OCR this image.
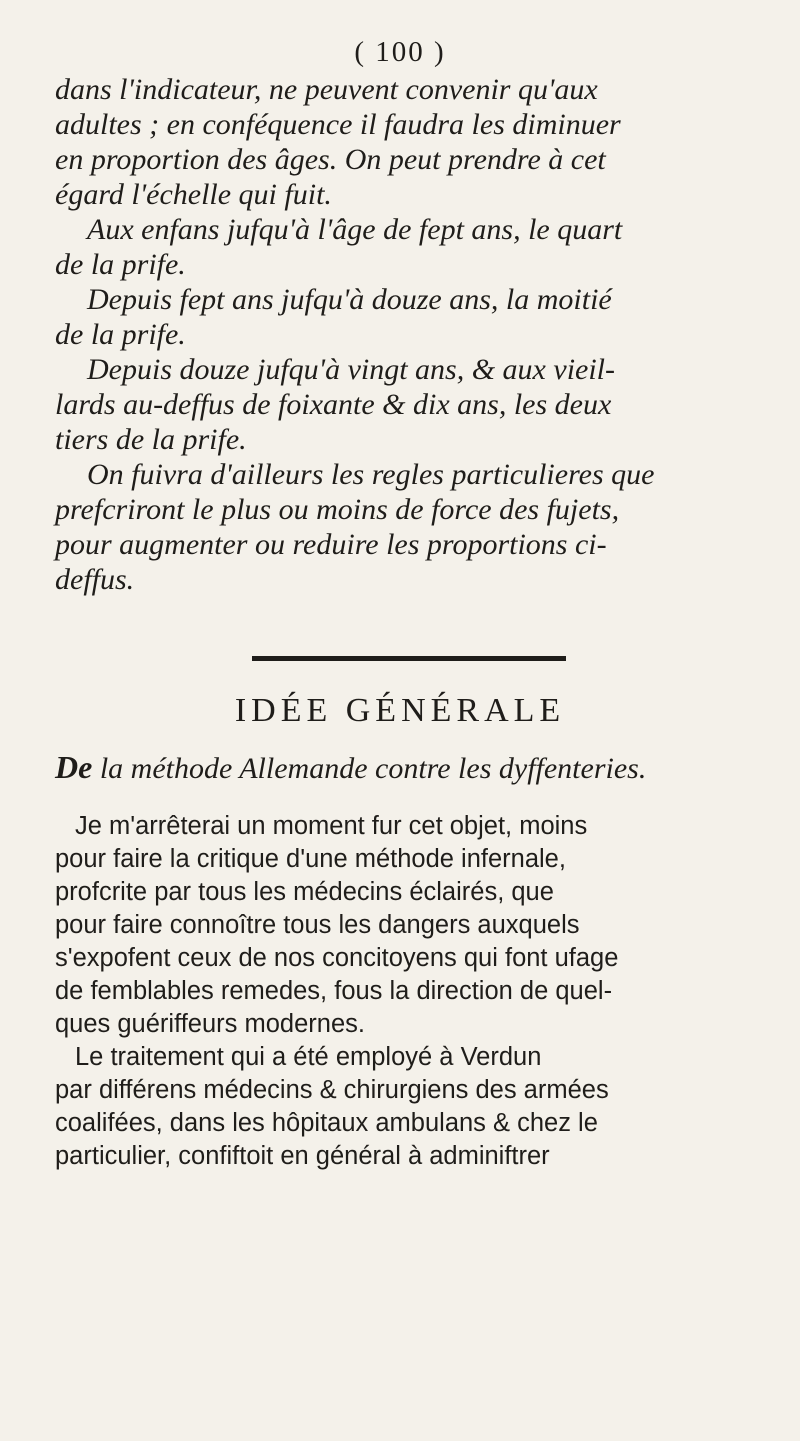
( 100 )

dans l'indicateur, ne peuvent convenir qu'aux
adultes ; en conféquence il faudra les diminuer
en proportion des âges. On peut prendre à cet
égard l'échelle qui fuit.

Aux enfans jufqu'à l'âge de fept ans, le quart
de la prife.

Depuis fept ans jufqu'à douze ans, la moitié
de la prife.

Depuis douze jufqu'à vingt ans, & aux vieil-
lards au-deffus de foixante & dix ans, les deux
tiers de la prife.

On fuivra d'ailleurs les regles particulieres que
prefcriront le plus ou moins de force des fujets,
pour augmenter ou reduire les proportions ci-
deffus.

IDÉE GÉNÉRALE
De la méthode Allemande contre les dyffenteries.

Je m'arrêterai un moment fur cet objet, moins
pour faire la critique d'une méthode infernale,
profcrite par tous les médecins éclairés, que
pour faire connoître tous les dangers auxquels
s'expofent ceux de nos concitoyens qui font ufage
de femblables remedes, fous la direction de quel-
ques guériffeurs modernes.

Le traitement qui a été employé à Verdun
par différens médecins & chirurgiens des armées
coalifées, dans les hôpitaux ambulans & chez le
particulier, confiftoit en général à adminiftrer
